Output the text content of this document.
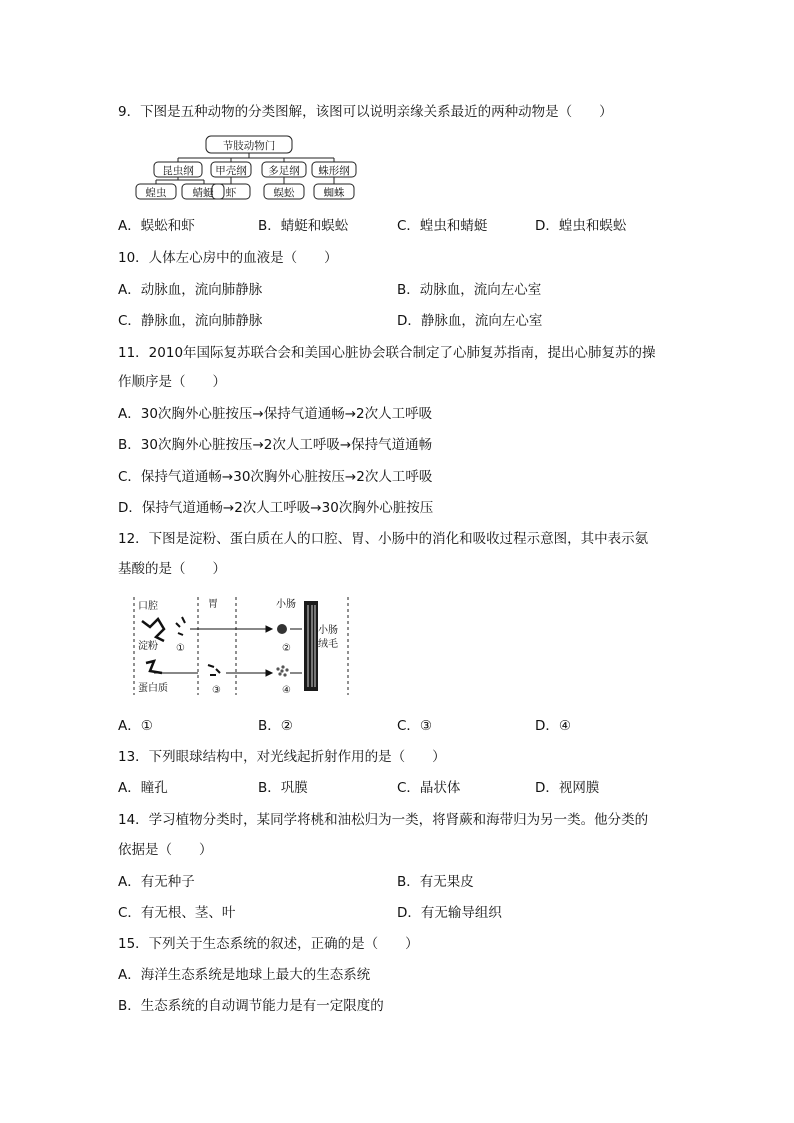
9．下图是五种动物的分类图解，该图可以说明亲缘关系最近的两种动物是（　　）
节肢动物门
昆虫纲 甲壳纲 多足纲 蛛形纲
蝗虫 蜻蜓 虾	蜈蚣	蜘蛛
A．蜈蚣和虾	B．蜻蜓和蜈蚣	C．蝗虫和蜻蜓	D．蝗虫和蜈蚣
10．人体左心房中的血液是（　　）
A．动脉血，流向肺静脉	B．动脉血，流向左心室
C．静脉血，流向肺静脉	D．静脉血，流向左心室
11．2010年国际复苏联合会和美国心脏协会联合制定了心肺复苏指南，提出心肺复苏的操
作顺序是（　　）
A．30次胸外心脏按压→保持气道通畅→2次人工呼吸
B．30次胸外心脏按压→2次人工呼吸→保持气道通畅
C．保持气道通畅→30次胸外心脏按压→2次人工呼吸
D．保持气道通畅→2次人工呼吸→30次胸外心脏按压
12．下图是淀粉、蛋白质在人的口腔、胃、小肠中的消化和吸收过程示意图，其中表示氨
基酸的是（　　）
口腔	胃	小肠
小肠
绒毛
淀粉
蛋白质
①	②
③	④
A．①	B．②	C．③	D．④
13．下列眼球结构中，对光线起折射作用的是（　　）
A．瞳孔	B．巩膜	C．晶状体	D．视网膜
14．学习植物分类时，某同学将桃和油松归为一类，将肾蕨和海带归为另一类。他分类的
依据是（　　）
A．有无种子	B．有无果皮
C．有无根、茎、叶	D．有无输导组织
15．下列关于生态系统的叙述，正确的是（　　）
A．海洋生态系统是地球上最大的生态系统
B．生态系统的自动调节能力是有一定限度的
